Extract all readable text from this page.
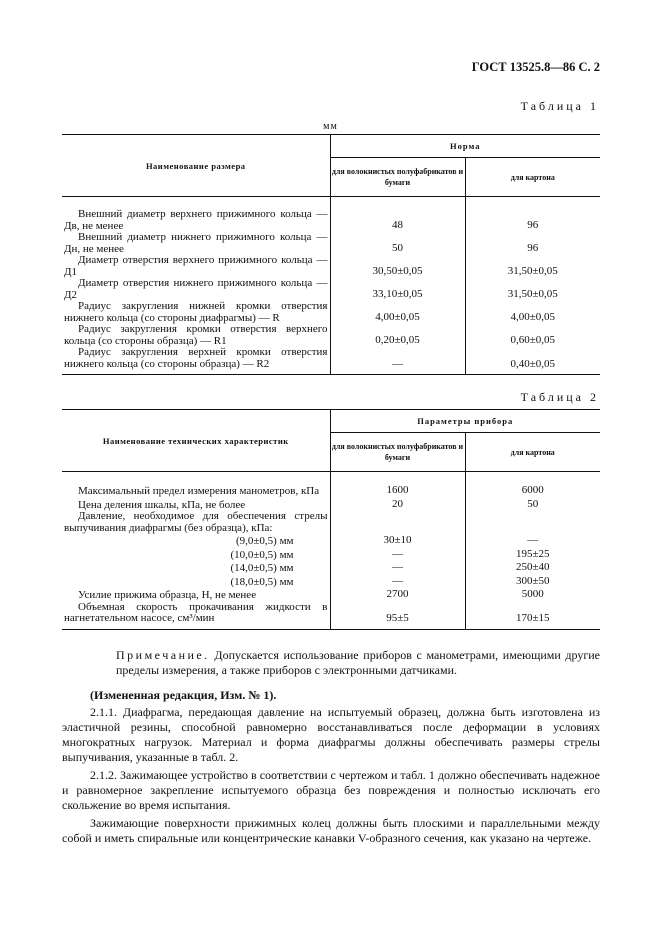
ГОСТ 13525.8—86 С. 2
Таблица 1
мм
Наименование размера	Норма	
	для волокнистых полуфабрикатов и бумаги	для картона

Внешний диаметр верхнего прижимного кольца — Дв, не менее	48	96
Внешний диаметр нижнего прижимного кольца — Дн, не менее	50	96
Диаметр отверстия верхнего прижимного кольца — Д1	30,50±0,05	31,50±0,05
Диаметр отверстия нижнего прижимного кольца — Д2	33,10±0,05	31,50±0,05
Радиус закругления нижней кромки отверстия нижнего кольца (со стороны диафрагмы) — R	4,00±0,05	4,00±0,05
Радиус закругления кромки отверстия верхнего кольца (со стороны образца) — R1	0,20±0,05	0,60±0,05
Радиус закругления верхней кромки отверстия нижнего кольца (со стороны образца) — R2	—	0,40±0,05
Таблица 2
Наименование технических характеристик	Параметры прибора	
	для волокнистых полуфабрикатов и бумаги	для картона

Максимальный предел измерения манометров, кПа	1600	6000
Цена деления шкалы, кПа, не более	20	50
Давление, необходимое для обеспечения стрелы выпучивания диафрагмы (без образца), кПа:		
(9,0±0,5) мм	30±10	—
(10,0±0,5) мм	—	195±25
(14,0±0,5) мм	—	250±40
(18,0±0,5) мм	—	300±50
Усилие прижима образца, Н, не менее	2700	5000
Объемная скорость прокачивания жидкости в нагнетательном насосе, см³/мин	95±5	170±15
Примечание. Допускается использование приборов с манометрами, имеющими другие пределы измерения, а также приборов с электронными датчиками.
(Измененная редакция, Изм. № 1).
2.1.1. Диафрагма, передающая давление на испытуемый образец, должна быть изготовлена из эластичной резины, способной равномерно восстанавливаться после деформации в условиях многократных нагрузок. Материал и форма диафрагмы должны обеспечивать размеры стрелы выпучивания, указанные в табл. 2.
2.1.2. Зажимающее устройство в соответствии с чертежом и табл. 1 должно обеспечивать надежное и равномерное закрепление испытуемого образца без повреждения и полностью исключать его скольжение во время испытания.
Зажимающие поверхности прижимных колец должны быть плоскими и параллельными между собой и иметь спиральные или концентрические канавки V-образного сечения, как указано на чертеже.
